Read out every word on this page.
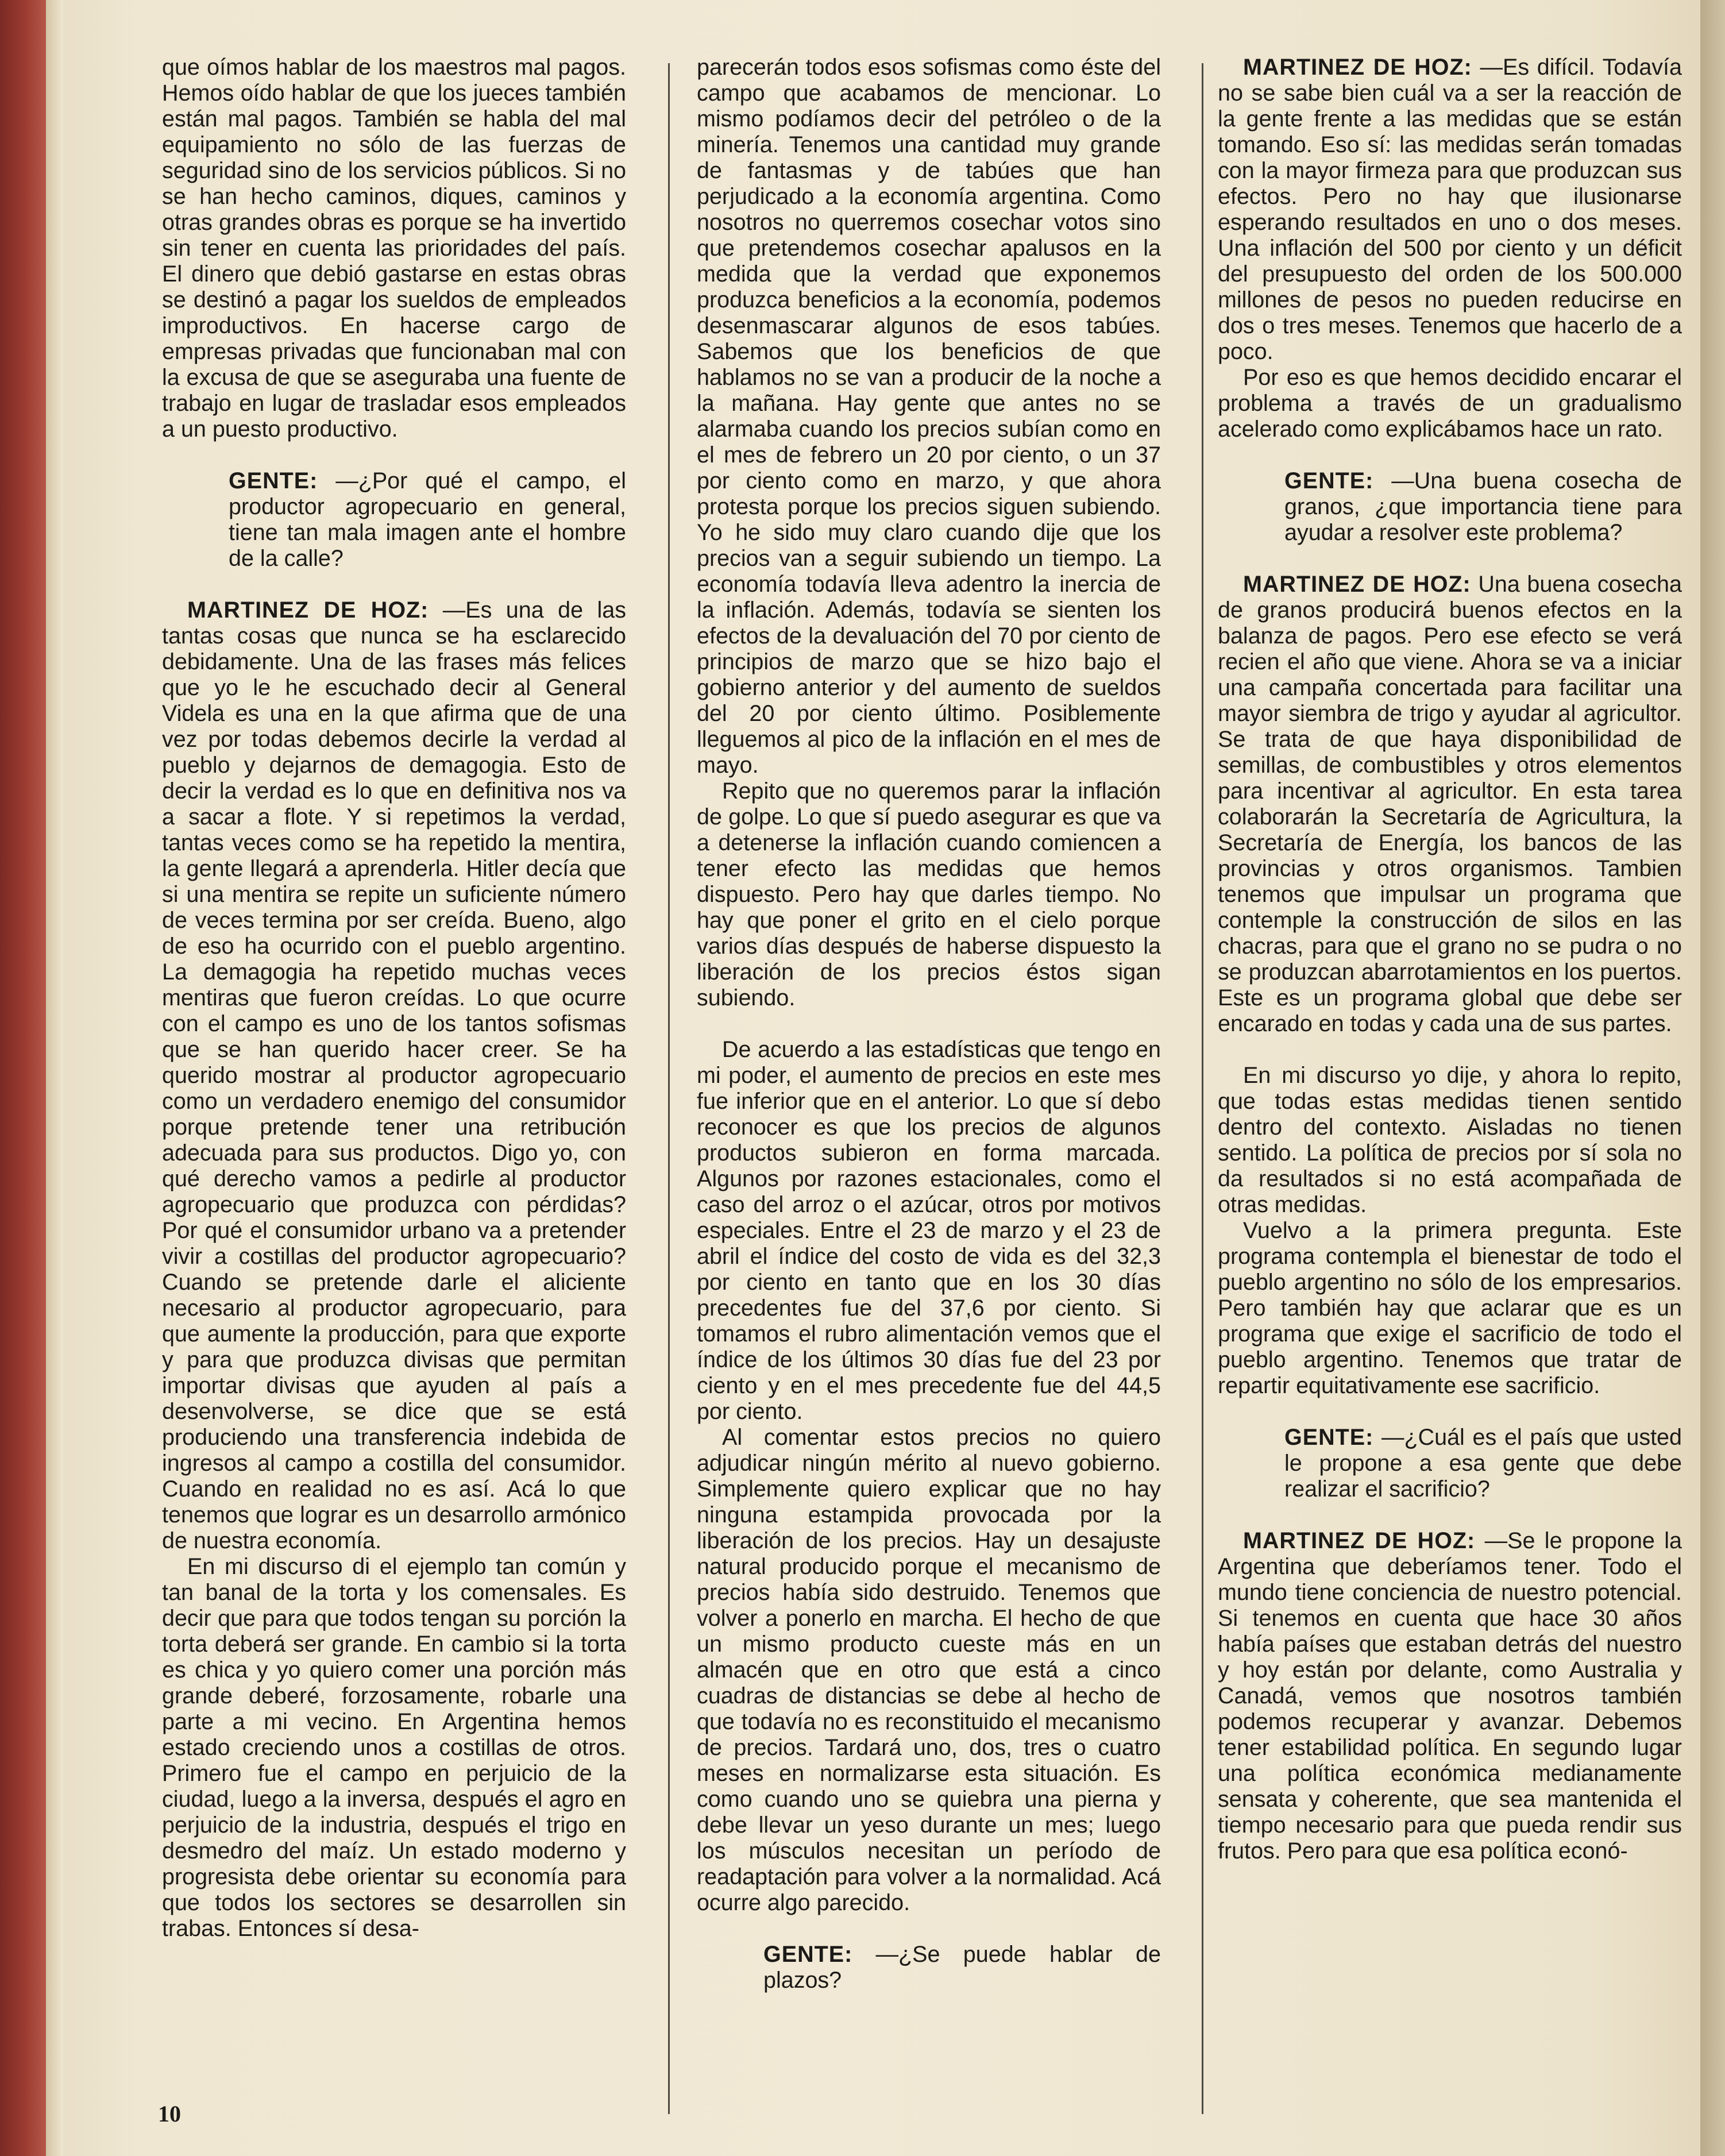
que oímos hablar de los maestros mal pagos. Hemos oído hablar de que los jueces también están mal pagos. También se habla del mal equipamiento no sólo de las fuerzas de seguridad sino de los servicios públicos. Si no se han hecho caminos, diques, caminos y otras grandes obras es porque se ha invertido sin tener en cuenta las prioridades del país. El dinero que debió gastarse en estas obras se destinó a pagar los sueldos de empleados improductivos. En hacerse cargo de empresas privadas que funcionaban mal con la excusa de que se aseguraba una fuente de trabajo en lugar de trasladar esos empleados a un puesto productivo.

GENTE: —¿Por qué el campo, el productor agropecuario en general, tiene tan mala imagen ante el hombre de la calle?

MARTINEZ DE HOZ: —Es una de las tantas cosas que nunca se ha esclarecido debidamente. Una de las frases más felices que yo le he escuchado decir al General Videla es una en la que afirma que de una vez por todas debemos decirle la verdad al pueblo y dejarnos de demagogia. Esto de decir la verdad es lo que en definitiva nos va a sacar a flote. Y si repetimos la verdad, tantas veces como se ha repetido la mentira, la gente llegará a aprenderla. Hitler decía que si una mentira se repite un suficiente número de veces termina por ser creída. Bueno, algo de eso ha ocurrido con el pueblo argentino. La demagogia ha repetido muchas veces mentiras que fueron creídas. Lo que ocurre con el campo es uno de los tantos sofismas que se han querido hacer creer. Se ha querido mostrar al productor agropecuario como un verdadero enemigo del consumidor porque pretende tener una retribución adecuada para sus productos. Digo yo, con qué derecho vamos a pedirle al productor agropecuario que produzca con pérdidas? Por qué el consumidor urbano va a pretender vivir a costillas del productor agropecuario? Cuando se pretende darle el aliciente necesario al productor agropecuario, para que aumente la producción, para que exporte y para que produzca divisas que permitan importar divisas que ayuden al país a desenvolverse, se dice que se está produciendo una transferencia indebida de ingresos al campo a costilla del consumidor. Cuando en realidad no es así. Acá lo que tenemos que lograr es un desarrollo armónico de nuestra economía.

En mi discurso di el ejemplo tan común y tan banal de la torta y los comensales. Es decir que para que todos tengan su porción la torta deberá ser grande. En cambio si la torta es chica y yo quiero comer una porción más grande deberé, forzosamente, robarle una parte a mi vecino. En Argentina hemos estado creciendo unos a costillas de otros. Primero fue el campo en perjuicio de la ciudad, luego a la inversa, después el agro en perjuicio de la industria, después el trigo en desmedro del maíz. Un estado moderno y progresista debe orientar su economía para que todos los sectores se desarrollen sin trabas. Entonces sí desa-

parecerán todos esos sofismas como éste del campo que acabamos de mencionar. Lo mismo podíamos decir del petróleo o de la minería. Tenemos una cantidad muy grande de fantasmas y de tabúes que han perjudicado a la economía argentina. Como nosotros no querremos cosechar votos sino que pretendemos cosechar apalusos en la medida que la verdad que exponemos produzca beneficios a la economía, podemos desenmascarar algunos de esos tabúes. Sabemos que los beneficios de que hablamos no se van a producir de la noche a la mañana. Hay gente que antes no se alarmaba cuando los precios subían como en el mes de febrero un 20 por ciento, o un 37 por ciento como en marzo, y que ahora protesta porque los precios siguen subiendo. Yo he sido muy claro cuando dije que los precios van a seguir subiendo un tiempo. La economía todavía lleva adentro la inercia de la inflación. Además, todavía se sienten los efectos de la devaluación del 70 por ciento de principios de marzo que se hizo bajo el gobierno anterior y del aumento de sueldos del 20 por ciento último. Posiblemente lleguemos al pico de la inflación en el mes de mayo.

Repito que no queremos parar la inflación de golpe. Lo que sí puedo asegurar es que va a detenerse la inflación cuando comiencen a tener efecto las medidas que hemos dispuesto. Pero hay que darles tiempo. No hay que poner el grito en el cielo porque varios días después de haberse dispuesto la liberación de los precios éstos sigan subiendo.

De acuerdo a las estadísticas que tengo en mi poder, el aumento de precios en este mes fue inferior que en el anterior. Lo que sí debo reconocer es que los precios de algunos productos subieron en forma marcada. Algunos por razones estacionales, como el caso del arroz o el azúcar, otros por motivos especiales. Entre el 23 de marzo y el 23 de abril el índice del costo de vida es del 32,3 por ciento en tanto que en los 30 días precedentes fue del 37,6 por ciento. Si tomamos el rubro alimentación vemos que el índice de los últimos 30 días fue del 23 por ciento y en el mes precedente fue del 44,5 por ciento.

Al comentar estos precios no quiero adjudicar ningún mérito al nuevo gobierno. Simplemente quiero explicar que no hay ninguna estampida provocada por la liberación de los precios. Hay un desajuste natural producido porque el mecanismo de precios había sido destruido. Tenemos que volver a ponerlo en marcha. El hecho de que un mismo producto cueste más en un almacén que en otro que está a cinco cuadras de distancias se debe al hecho de que todavía no es reconstituido el mecanismo de precios. Tardará uno, dos, tres o cuatro meses en normalizarse esta situación. Es como cuando uno se quiebra una pierna y debe llevar un yeso durante un mes; luego los músculos necesitan un período de readaptación para volver a la normalidad. Acá ocurre algo parecido.

GENTE: —¿Se puede hablar de plazos?

MARTINEZ DE HOZ: —Es difícil. Todavía no se sabe bien cuál va a ser la reacción de la gente frente a las medidas que se están tomando. Eso sí: las medidas serán tomadas con la mayor firmeza para que produzcan sus efectos. Pero no hay que ilusionarse esperando resultados en uno o dos meses. Una inflación del 500 por ciento y un déficit del presupuesto del orden de los 500.000 millones de pesos no pueden reducirse en dos o tres meses. Tenemos que hacerlo de a poco.

Por eso es que hemos decidido encarar el problema a través de un gradualismo acelerado como explicábamos hace un rato.

GENTE: —Una buena cosecha de granos, ¿que importancia tiene para ayudar a resolver este problema?

MARTINEZ DE HOZ: Una buena cosecha de granos producirá buenos efectos en la balanza de pagos. Pero ese efecto se verá recien el año que viene. Ahora se va a iniciar una campaña concertada para facilitar una mayor siembra de trigo y ayudar al agricultor. Se trata de que haya disponibilidad de semillas, de combustibles y otros elementos para incentivar al agricultor. En esta tarea colaborarán la Secretaría de Agricultura, la Secretaría de Energía, los bancos de las provincias y otros organismos. Tambien tenemos que impulsar un programa que contemple la construcción de silos en las chacras, para que el grano no se pudra o no se produzcan abarrotamientos en los puertos. Este es un programa global que debe ser encarado en todas y cada una de sus partes.

En mi discurso yo dije, y ahora lo repito, que todas estas medidas tienen sentido dentro del contexto. Aisladas no tienen sentido. La política de precios por sí sola no da resultados si no está acompañada de otras medidas.

Vuelvo a la primera pregunta. Este programa contempla el bienestar de todo el pueblo argentino no sólo de los empresarios. Pero también hay que aclarar que es un programa que exige el sacrificio de todo el pueblo argentino. Tenemos que tratar de repartir equitativamente ese sacrificio.

GENTE: —¿Cuál es el país que usted le propone a esa gente que debe realizar el sacrificio?

MARTINEZ DE HOZ: —Se le propone la Argentina que deberíamos tener. Todo el mundo tiene conciencia de nuestro potencial. Si tenemos en cuenta que hace 30 años había países que estaban detrás del nuestro y hoy están por delante, como Australia y Canadá, vemos que nosotros también podemos recuperar y avanzar. Debemos tener estabilidad política. En segundo lugar una política económica medianamente sensata y coherente, que sea mantenida el tiempo necesario para que pueda rendir sus frutos. Pero para que esa política econó-

10
